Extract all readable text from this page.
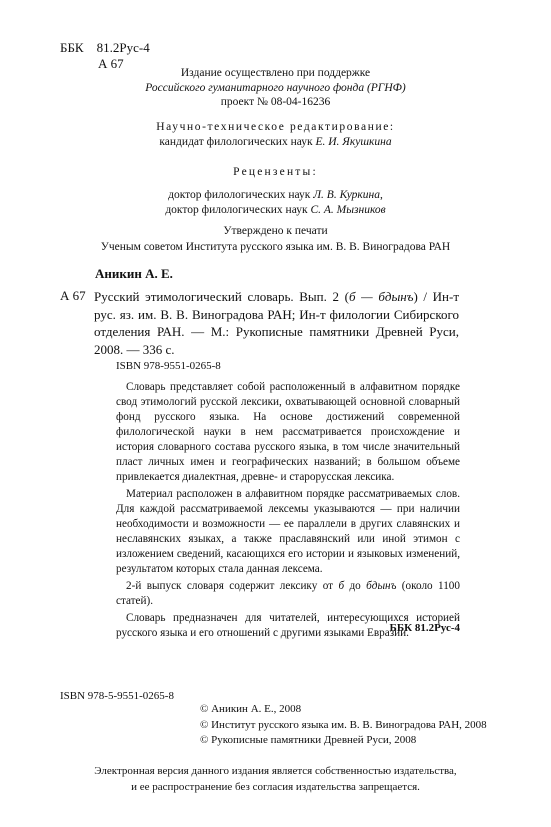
ББК 81.2Рус-4
А 67
Издание осуществлено при поддержке
Российского гуманитарного научного фонда (РГНФ)
проект № 08-04-16236
Научно-техническое редактирование:
кандидат филологических наук Е. И. Якушкина
Рецензенты:
доктор филологических наук Л. В. Куркина,
доктор филологических наук С. А. Мызников
Утверждено к печати
Ученым советом Института русского языка им. В. В. Виноградова РАН
Аникин А. Е.
А 67 Русский этимологический словарь. Вып. 2 (б — бдынъ) / Ин-т рус. яз. им. В. В. Виноградова РАН; Ин-т филологии Сибирского отделения РАН. — М.: Рукописные памятники Древней Руси, 2008. — 336 с.
ISBN 978-9551-0265-8

Словарь представляет собой расположенный в алфавитном порядке свод этимологий русской лексики, охватывающей основной словарный фонд русского языка. На основе достижений современной филологической науки в нем рассматривается происхождение и история словарного состава русского языка, в том числе значительный пласт личных имен и географических названий; в большом объеме привлекается диалектная, древне- и старорусская лексика.

Материал расположен в алфавитном порядке рассматриваемых слов. Для каждой рассматриваемой лексемы указываются — при наличии необходимости и возможности — ее параллели в других славянских и неславянских языках, а также праславянский или иной этимон с изложением сведений, касающихся его истории и языковых изменений, результатом которых стала данная лексема.

2-й выпуск словаря содержит лексику от б до бдынъ (около 1100 статей).

Словарь предназначен для читателей, интересующихся историей русского языка и его отношений с другими языками Евразии.

ББК 81.2Рус-4
ISBN 978-5-9551-0265-8
© Аникин А. Е., 2008
© Институт русского языка им. В. В. Виноградова РАН, 2008
© Рукописные памятники Древней Руси, 2008
Электронная версия данного издания является собственностью издательства,
и ее распространение без согласия издательства запрещается.
